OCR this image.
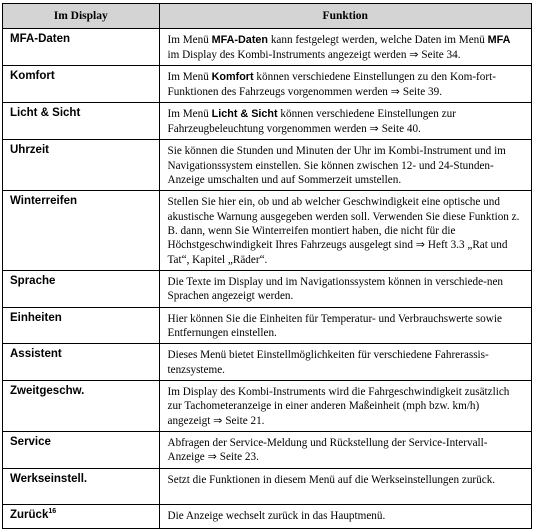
Im Display	Funktion
MFA-Daten	Im Menü MFA-Daten kann festgelegt werden, welche Daten im Menü MFA im Display des Kombi-Instruments angezeigt werden ⇒ Seite 34.
Komfort	Im Menü Komfort können verschiedene Einstellungen zu den Kom-fort-Funktionen des Fahrzeugs vorgenommen werden ⇒ Seite 39.
Licht & Sicht	Im Menü Licht & Sicht können verschiedene Einstellungen zur Fahrzeugbeleuchtung vorgenommen werden ⇒ Seite 40.
Uhrzeit	Sie können die Stunden und Minuten der Uhr im Kombi-Instrument und im Navigationssystem einstellen. Sie können zwischen 12- und 24-Stunden-Anzeige umschalten und auf Sommerzeit umstellen.
Winterreifen	Stellen Sie hier ein, ob und ab welcher Geschwindigkeit eine optische und akustische Warnung ausgegeben werden soll. Verwenden Sie diese Funktion z. B. dann, wenn Sie Winterreifen montiert haben, die nicht für die Höchstgeschwindigkeit Ihres Fahrzeugs ausgelegt sind ⇒ Heft 3.3 „Rat und Tat“, Kapitel „Räder“.
Sprache	Die Texte im Display und im Navigationssystem können in verschiede-nen Sprachen angezeigt werden.
Einheiten	Hier können Sie die Einheiten für Temperatur- und Verbrauchswerte sowie Entfernungen einstellen.
Assistent	Dieses Menü bietet Einstellmöglichkeiten für verschiedene Fahrerassis-tenzsysteme.
Zweitgeschw.	Im Display des Kombi-Instruments wird die Fahrgeschwindigkeit zusätzlich zur Tachometeranzeige in einer anderen Maßeinheit (mph bzw. km/h) angezeigt ⇒ Seite 21.
Service	Abfragen der Service-Meldung und Rückstellung der Service-Intervall-Anzeige ⇒ Seite 23.
Werkseinstell.	Setzt die Funktionen in diesem Menü auf die Werkseinstellungen zurück.
Zurück$^{16}$	Die Anzeige wechselt zurück in das Hauptmenü.
